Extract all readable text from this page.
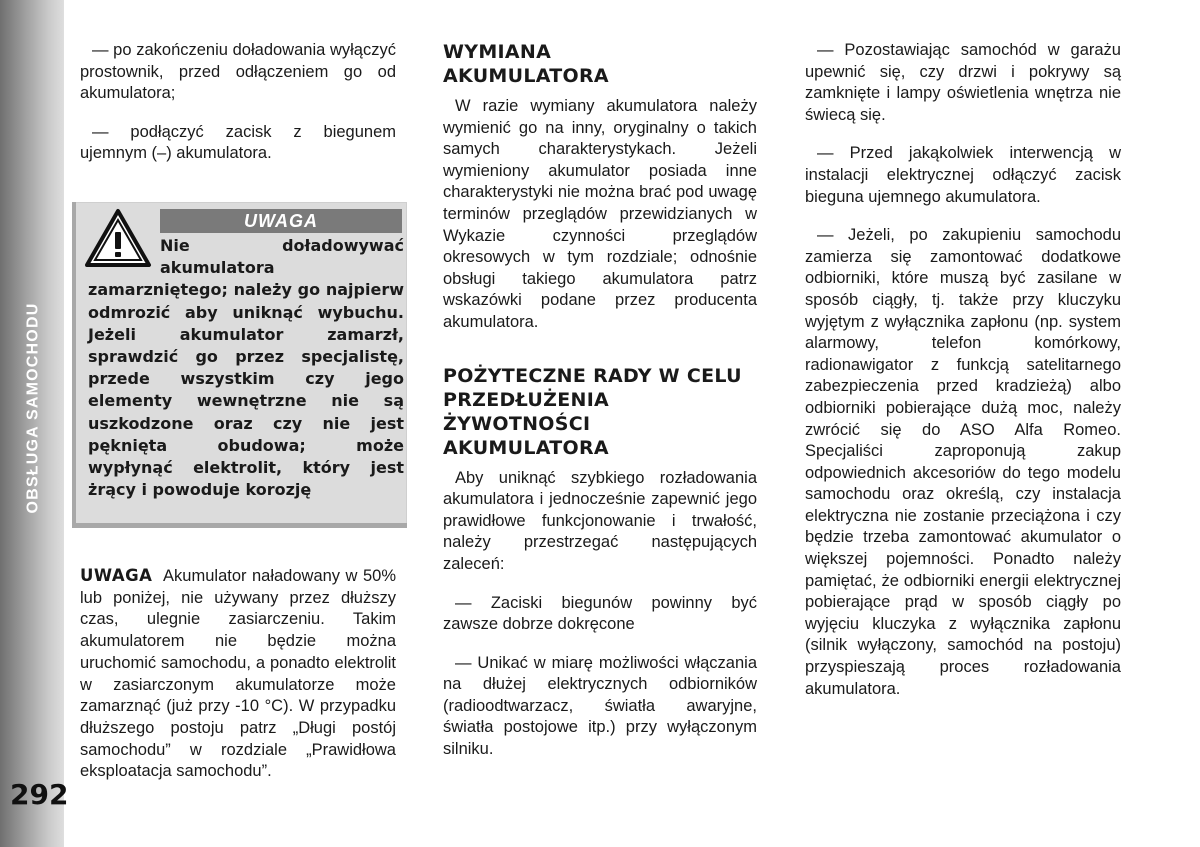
OBSŁUGA SAMOCHODU
292

— po zakończeniu doładowania wyłączyć prostownik, przed odłączeniem go od akumulatora;

— podłączyć zacisk z biegunem ujemnym (–) akumulatora.

UWAGA
Nie doładowywać akumulatora zamarzniętego; należy go najpierw odmrozić aby uniknąć wybuchu. Jeżeli akumulator zamarzł, sprawdzić go przez specjalistę, przede wszystkim czy jego elementy wewnętrzne nie są uszkodzone oraz czy nie jest pęknięta obudowa; może wypłynąć elektrolit, który jest żrący i powoduje korozję

UWAGA Akumulator naładowany w 50% lub poniżej, nie używany przez dłuższy czas, ulegnie zasiarczeniu. Takim akumulatorem nie będzie można uruchomić samochodu, a ponadto elektrolit w zasiarczonym akumulatorze może zamarznąć (już przy -10 °C). W przypadku dłuższego postoju patrz „Długi postój samochodu” w rozdziale „Prawidłowa eksploatacja samochodu”.

WYMIANA AKUMULATORA

W razie wymiany akumulatora należy wymienić go na inny, oryginalny o takich samych charakterystykach. Jeżeli wymieniony akumulator posiada inne charakterystyki nie można brać pod uwagę terminów przeglądów przewidzianych w Wykazie czynności przeglądów okresowych w tym rozdziale; odnośnie obsługi takiego akumulatora patrz wskazówki podane przez producenta akumulatora.

POŻYTECZNE RADY W CELU PRZEDŁUŻENIA ŻYWOTNOŚCI AKUMULATORA

Aby uniknąć szybkiego rozładowania akumulatora i jednocześnie zapewnić jego prawidłowe funkcjonowanie i trwałość, należy przestrzegać następujących zaleceń:

— Zaciski biegunów powinny być zawsze dobrze dokręcone

— Unikać w miarę możliwości włączania na dłużej elektrycznych odbiorników (radioodtwarzacz, światła awaryjne, światła postojowe itp.) przy wyłączonym silniku.

— Pozostawiając samochód w garażu upewnić się, czy drzwi i pokrywy są zamknięte i lampy oświetlenia wnętrza nie świecą się.

— Przed jakąkolwiek interwencją w instalacji elektrycznej odłączyć zacisk bieguna ujemnego akumulatora.

— Jeżeli, po zakupieniu samochodu zamierza się zamontować dodatkowe odbiorniki, które muszą być zasilane w sposób ciągły, tj. także przy kluczyku wyjętym z wyłącznika zapłonu (np. system alarmowy, telefon komórkowy, radionawigator z funkcją satelitarnego zabezpieczenia przed kradzieżą) albo odbiorniki pobierające dużą moc, należy zwrócić się do ASO Alfa Romeo. Specjaliści zaproponują zakup odpowiednich akcesoriów do tego modelu samochodu oraz określą, czy instalacja elektryczna nie zostanie przeciążona i czy będzie trzeba zamontować akumulator o większej pojemności. Ponadto należy pamiętać, że odbiorniki energii elektrycznej pobierające prąd w sposób ciągły po wyjęciu kluczyka z wyłącznika zapłonu (silnik wyłączony, samochód na postoju) przyspieszają proces rozładowania akumulatora.
